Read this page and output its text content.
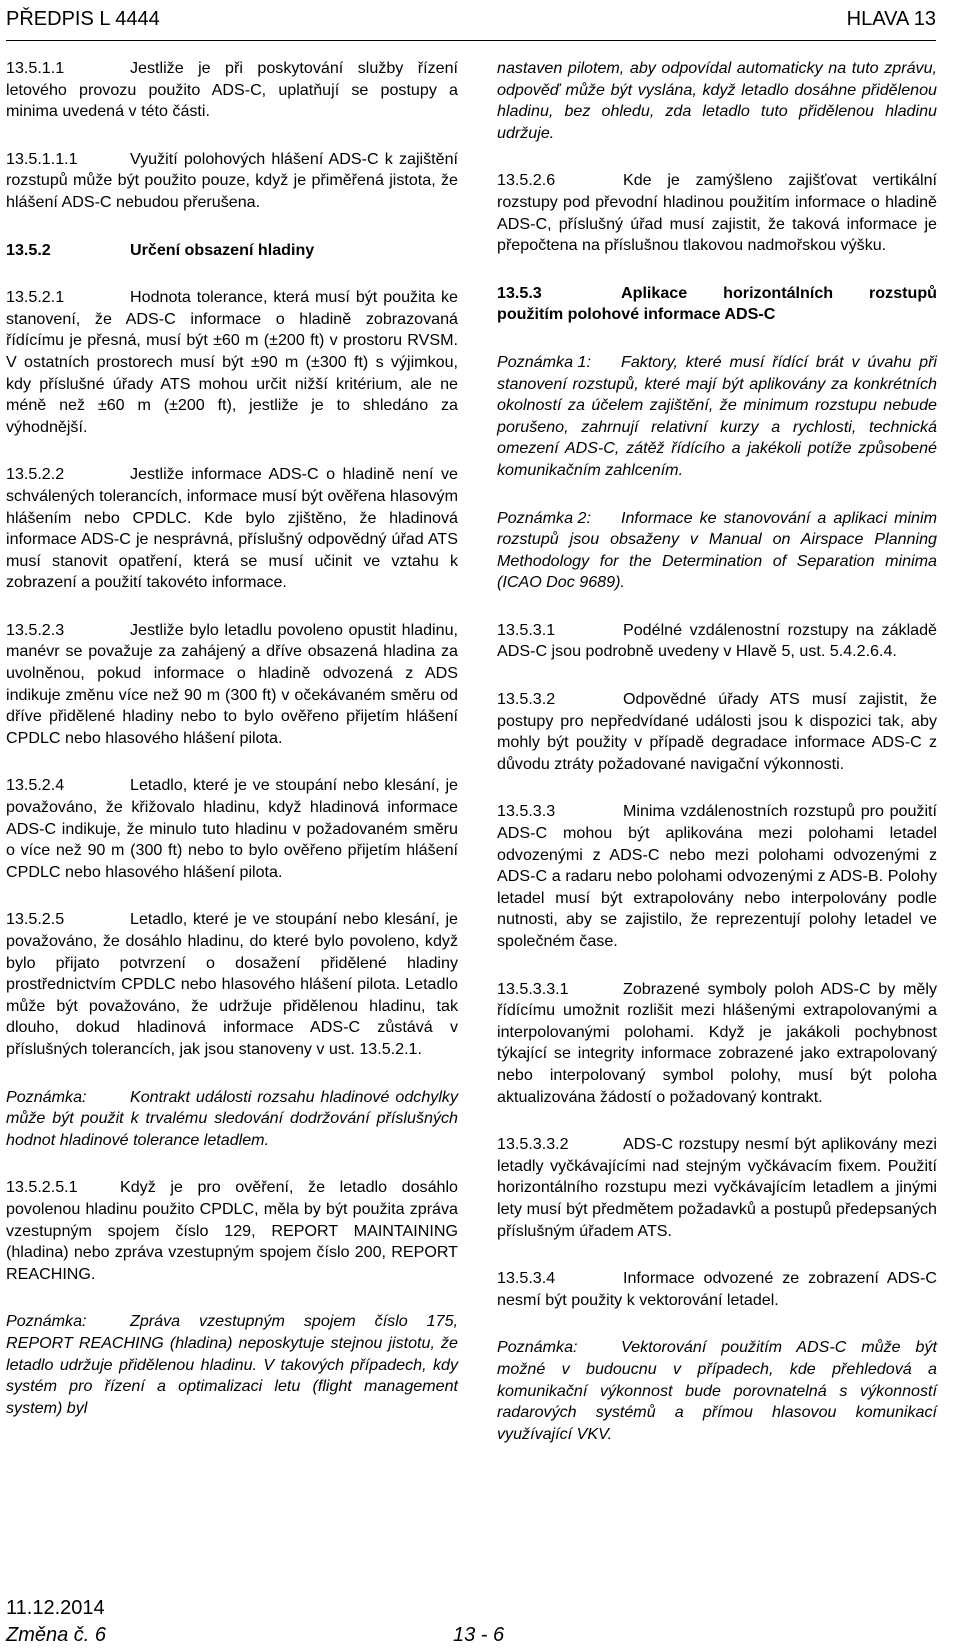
PŘEDPIS L 4444	HLAVA 13

13.5.1.1	Jestliže je při poskytování služby řízení letového provozu použito ADS-C, uplatňují se postupy a minima uvedená v této části.

13.5.1.1.1	Využití polohových hlášení ADS-C k zajištění rozstupů může být použito pouze, když je přiměřená jistota, že hlášení ADS-C nebudou přerušena.

13.5.2	Určení obsazení hladiny

13.5.2.1	Hodnota tolerance, která musí být použita ke stanovení, že ADS-C informace o hladině zobrazovaná řídícímu je přesná, musí být ±60 m (±200 ft) v prostoru RVSM. V ostatních prostorech musí být ±90 m (±300 ft) s výjimkou, kdy příslušné úřady ATS mohou určit nižší kritérium, ale ne méně než ±60 m (±200 ft), jestliže je to shledáno za výhodnější.

13.5.2.2	Jestliže informace ADS-C o hladině není ve schválených tolerancích, informace musí být ověřena hlasovým hlášením nebo CPDLC. Kde bylo zjištěno, že hladinová informace ADS-C je nesprávná, příslušný odpovědný úřad ATS musí stanovit opatření, která se musí učinit ve vztahu k zobrazení a použití takovéto informace.

13.5.2.3	Jestliže bylo letadlu povoleno opustit hladinu, manévr se považuje za zahájený a dříve obsazená hladina za uvolněnou, pokud informace o hladině odvozená z ADS indikuje změnu více než 90 m (300 ft) v očekávaném směru od dříve přidělené hladiny nebo to bylo ověřeno přijetím hlášení CPDLC nebo hlasového hlášení pilota.

13.5.2.4	Letadlo, které je ve stoupání nebo klesání, je považováno, že křižovalo hladinu, když hladinová informace ADS-C indikuje, že minulo tuto hladinu v požadovaném směru o více než 90 m (300 ft) nebo to bylo ověřeno přijetím hlášení CPDLC nebo hlasového hlášení pilota.

13.5.2.5	Letadlo, které je ve stoupání nebo klesání, je považováno, že dosáhlo hladinu, do které bylo povoleno, když bylo přijato potvrzení o dosažení přidělené hladiny prostřednictvím CPDLC nebo hlasového hlášení pilota. Letadlo může být považováno, že udržuje přidělenou hladinu, tak dlouho, dokud hladinová informace ADS-C zůstává v příslušných tolerancích, jak jsou stanoveny v ust. 13.5.2.1.

Poznámka:	Kontrakt události rozsahu hladinové odchylky může být použit k trvalému sledování dodržování příslušných hodnot hladinové tolerance letadlem.

13.5.2.5.1	Když je pro ověření, že letadlo dosáhlo povolenou hladinu použito CPDLC, měla by být použita zpráva vzestupným spojem číslo 129, REPORT MAINTAINING (hladina) nebo zpráva vzestupným spojem číslo 200, REPORT REACHING.

Poznámka:	Zpráva vzestupným spojem číslo 175, REPORT REACHING (hladina) neposkytuje stejnou jistotu, že letadlo udržuje přidělenou hladinu. V takových případech, kdy systém pro řízení a optimalizaci letu (flight management system) byl

nastaven pilotem, aby odpovídal automaticky na tuto zprávu, odpověď může být vyslána, když letadlo dosáhne přidělenou hladinu, bez ohledu, zda letadlo tuto přidělenou hladinu udržuje.

13.5.2.6	Kde je zamýšleno zajišťovat vertikální rozstupy pod převodní hladinou použitím informace o hladině ADS-C, příslušný úřad musí zajistit, že taková informace je přepočtena na příslušnou tlakovou nadmořskou výšku.

13.5.3	Aplikace horizontálních rozstupů použitím polohové informace ADS-C

Poznámka 1: Faktory, které musí řídící brát v úvahu při stanovení rozstupů, které mají být aplikovány za konkrétních okolností za účelem zajištění, že minimum rozstupu nebude porušeno, zahrnují relativní kurzy a rychlosti, technická omezení ADS-C, zátěž řídícího a jakékoli potíže způsobené komunikačním zahlcením.

Poznámka 2: Informace ke stanovování a aplikaci minim rozstupů jsou obsaženy v Manual on Airspace Planning Methodology for the Determination of Separation minima (ICAO Doc 9689).

13.5.3.1	Podélné vzdálenostní rozstupy na základě ADS-C jsou podrobně uvedeny v Hlavě 5, ust. 5.4.2.6.4.

13.5.3.2	Odpovědné úřady ATS musí zajistit, že postupy pro nepředvídané události jsou k dispozici tak, aby mohly být použity v případě degradace informace ADS-C z důvodu ztráty požadované navigační výkonnosti.

13.5.3.3	Minima vzdálenostních rozstupů pro použití ADS-C mohou být aplikována mezi polohami letadel odvozenými z ADS-C nebo mezi polohami odvozenými z ADS-C a radaru nebo polohami odvozenými z ADS-B. Polohy letadel musí být extrapolovány nebo interpolovány podle nutnosti, aby se zajistilo, že reprezentují polohy letadel ve společném čase.

13.5.3.3.1	Zobrazené symboly poloh ADS-C by měly řídícímu umožnit rozlišit mezi hlášenými extrapolovanými a interpolovanými polohami. Když je jakákoli pochybnost týkající se integrity informace zobrazené jako extrapolovaný nebo interpolovaný symbol polohy, musí být poloha aktualizována žádostí o požadovaný kontrakt.

13.5.3.3.2	ADS-C rozstupy nesmí být aplikovány mezi letadly vyčkávajícími nad stejným vyčkávacím fixem. Použití horizontálního rozstupu mezi vyčkávajícím letadlem a jinými lety musí být předmětem požadavků a postupů předepsaných příslušným úřadem ATS.

13.5.3.4	Informace odvozené ze zobrazení ADS-C nesmí být použity k vektorování letadel.

Poznámka:	Vektorování použitím ADS-C může být možné v budoucnu v případech, kde přehledová a komunikační výkonnost bude porovnatelná s výkonností radarových systémů a přímou hlasovou komunikací využívající VKV.

11.12.2014
Změna č. 6	13 - 6
